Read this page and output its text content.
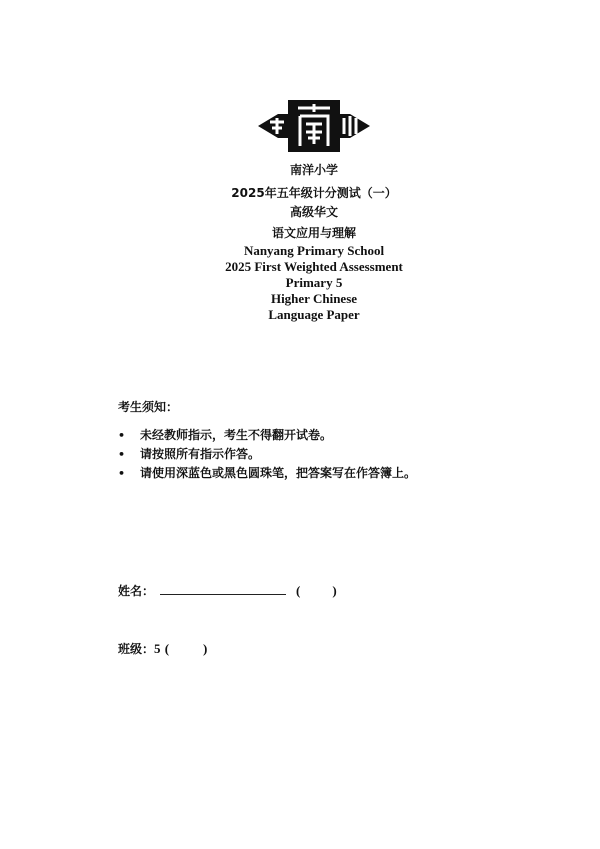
南洋小学
2025年五年级计分测试（一）
高级华文
语文应用与理解
Nanyang Primary School
2025 First Weighted Assessment
Primary 5
Higher Chinese
Language Paper
考生须知：
• 未经教师指示，考生不得翻开试卷。
• 请按照所有指示作答。
• 请使用深蓝色或黑色圆珠笔，把答案写在作答簿上。
姓名：	( )
班级：5 (	)
